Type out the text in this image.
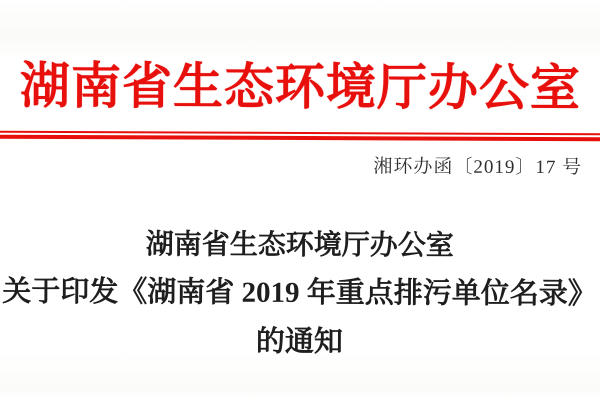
湖南省生态环境厅办公室
湘环办函〔2019〕17 号
湖南省生态环境厅办公室
关于印发《湖南省 2019 年重点排污单位名录》
的通知
